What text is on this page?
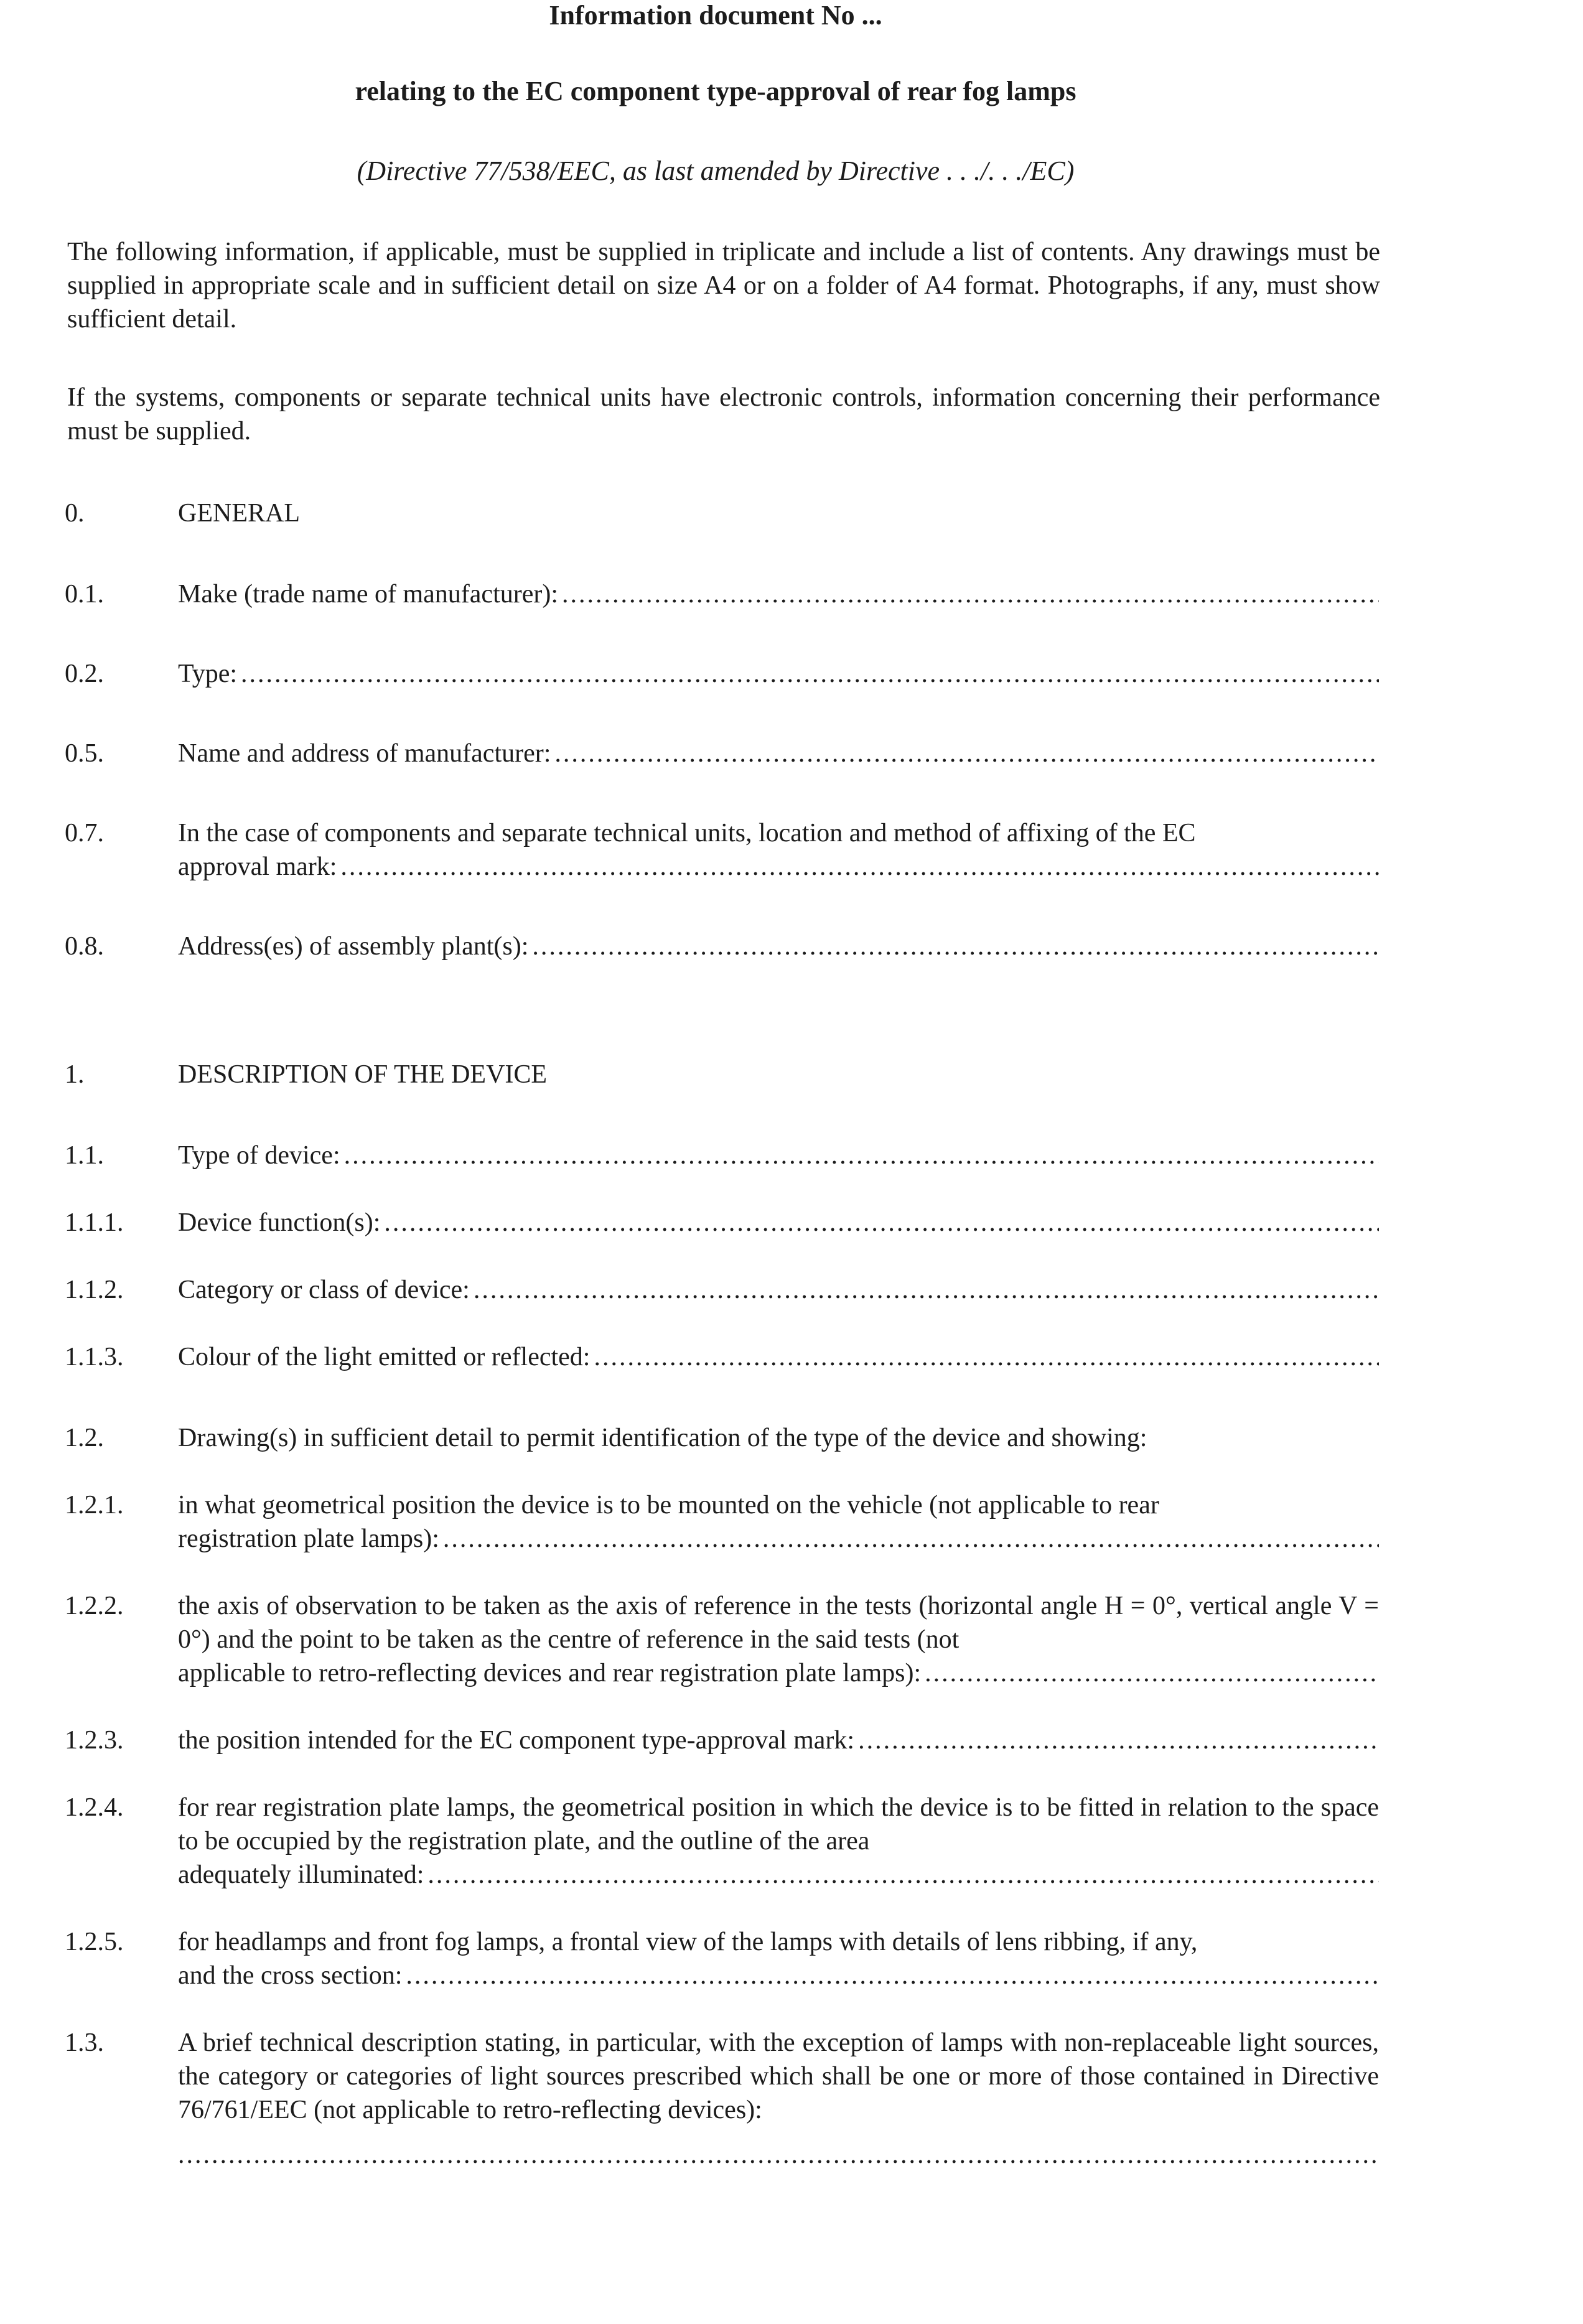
Information document No ...
relating to the EC component type-approval of rear fog lamps
(Directive 77/538/EEC, as last amended by Directive . . ./. . ./EC)
The following information, if applicable, must be supplied in triplicate and include a list of contents. Any drawings must be supplied in appropriate scale and in sufficient detail on size A4 or on a folder of A4 format. Photographs, if any, must show sufficient detail.
If the systems, components or separate technical units have electronic controls, information concerning their performance must be supplied.
0.	GENERAL
0.1.	Make (trade name of manufacturer):
.....
0.2.	Type:
.....
0.5.	Name and address of manufacturer:
.....
0.7.	In the case of components and separate technical units, location and method of affixing of the EC
approval mark:
.....
0.8.	Address(es) of assembly plant(s):
.....
1.	DESCRIPTION OF THE DEVICE
1.1.	Type of device:
.....
1.1.1. Device function(s):
.....
1.1.2. Category or class of device:
.....
1.1.3. Colour of the light emitted or reflected:
.....
1.2.	Drawing(s) in sufficient detail to permit identification of the type of the device and showing:
1.2.1. in what geometrical position the device is to be mounted on the vehicle (not applicable to rear
registration plate lamps):
.....
1.2.2. the axis of observation to be taken as the axis of reference in the tests (horizontal angle H = 0°, vertical angle V = 0°) and the point to be taken as the centre of reference in the said tests (not
applicable to retro-reflecting devices and rear registration plate lamps):
.....
1.2.3. the position intended for the EC component type-approval mark:
.....
1.2.4. for rear registration plate lamps, the geometrical position in which the device is to be fitted in relation to the space to be occupied by the registration plate, and the outline of the area
adequately illuminated:
.....
1.2.5. for headlamps and front fog lamps, a frontal view of the lamps with details of lens ribbing, if any,
and the cross section:
.....
1.3.	A brief technical description stating, in particular, with the exception of lamps with non-replaceable light sources, the category or categories of light sources prescribed which shall be one or more of those contained in Directive 76/761/EEC (not applicable to retro-reflecting devices):
.....
